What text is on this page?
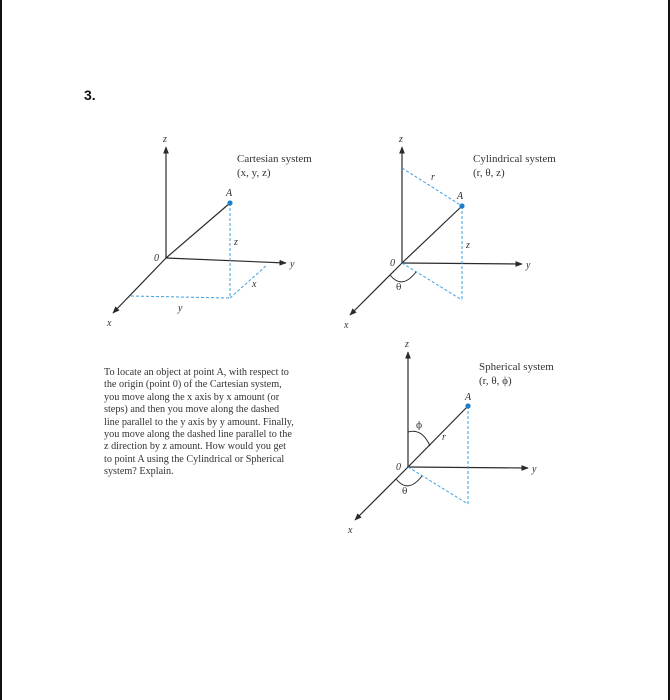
3.
z
y
x
0
A
z
x
y
Cartesian system
(x, y, z)
z
y
x
0
A
r
z
θ
Cylindrical system
(r, θ, z)
z
y
x
0
A
r
ϕ
θ
Spherical system
(r, θ, ϕ)

To locate an object at point A, with respect to
the origin (point 0) of the Cartesian system,
you move along the x axis by x amount (or
steps) and then you move along the dashed
line parallel to the y axis by y amount. Finally,
you move along the dashed line parallel to the
z direction by z amount. How would you get
to point A using the Cylindrical or Spherical
system? Explain.
